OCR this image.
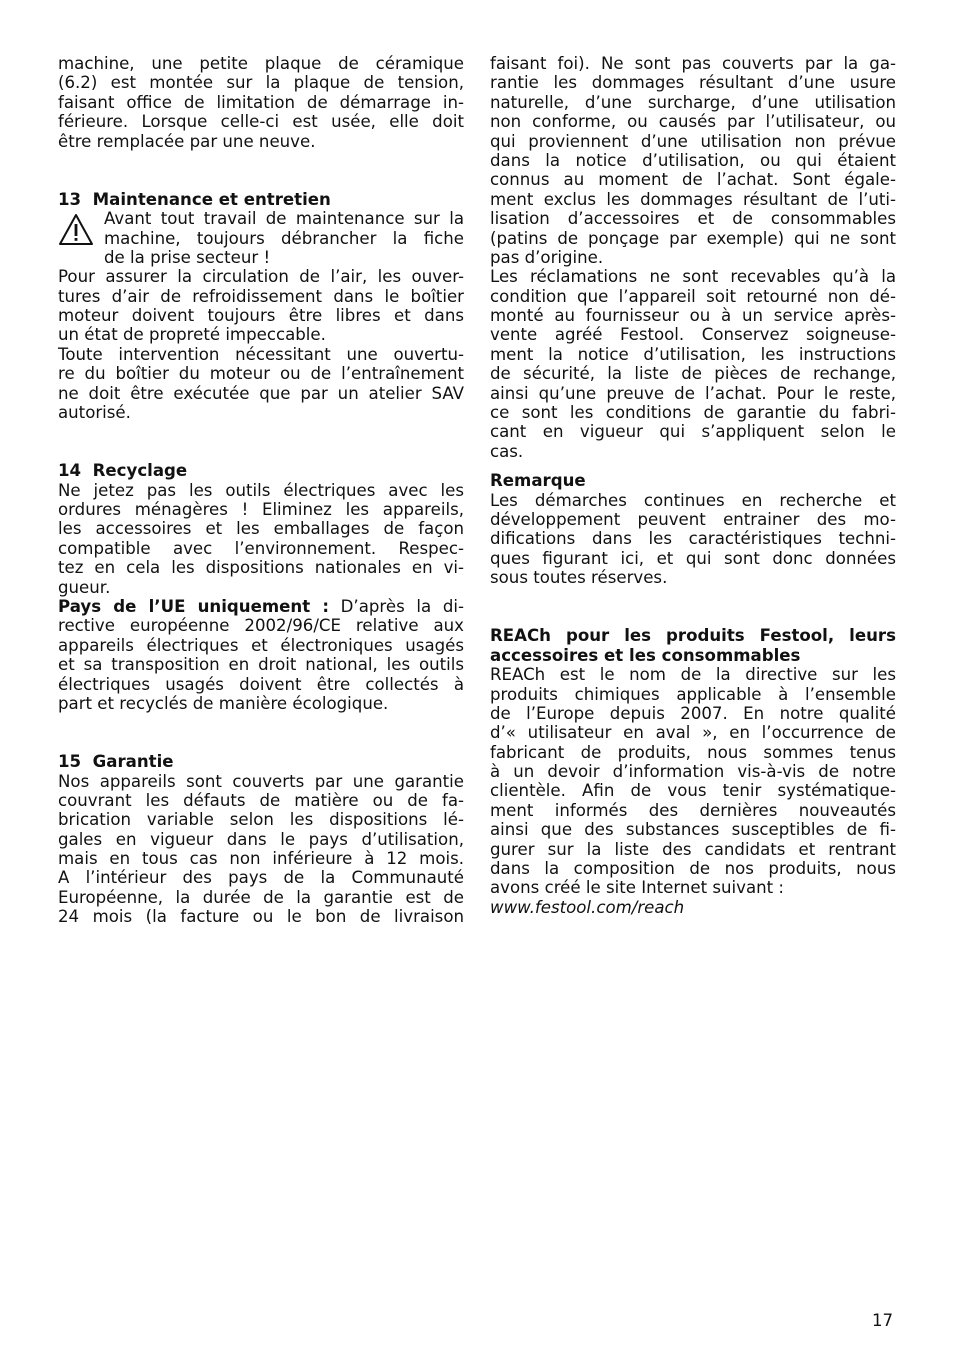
machine, une petite plaque de céramique
(6.2) est montée sur la plaque de tension,
faisant office de limitation de démarrage in-
férieure. Lorsque celle-ci est usée, elle doit
être remplacée par une neuve.
13  Maintenance et entretien
Avant tout travail de maintenance sur la
machine, toujours débrancher la fiche
de la prise secteur !
Pour assurer la circulation de l’air, les ouver-
tures d’air de refroidissement dans le boîtier
moteur doivent toujours être libres et dans
un état de propreté impeccable.
Toute intervention nécessitant une ouvertu-
re du boîtier du moteur ou de l’entraînement
ne doit être exécutée que par un atelier SAV
autorisé.
14  Recyclage
Ne jetez pas les outils électriques avec les
ordures ménagères ! Eliminez les appareils,
les accessoires et les emballages de façon
compatible avec l’environnement. Respec-
tez en cela les dispositions nationales en vi-
gueur.
Pays de l’UE uniquement : D’après la di-
rective européenne 2002/96/CE relative aux
appareils électriques et électroniques usagés
et sa transposition en droit national, les outils
électriques usagés doivent être collectés à
part et recyclés de manière écologique.
15  Garantie
Nos appareils sont couverts par une garantie
couvrant les défauts de matière ou de fa-
brication variable selon les dispositions lé-
gales en vigueur dans le pays d’utilisation,
mais en tous cas non inférieure à 12 mois.
A l’intérieur des pays de la Communauté
Européenne, la durée de la garantie est de
24 mois (la facture ou le bon de livraison
faisant foi). Ne sont pas couverts par la ga-
rantie les dommages résultant d’une usure
naturelle, d’une surcharge, d’une utilisation
non conforme, ou causés par l’utilisateur, ou
qui proviennent d’une utilisation non prévue
dans la notice d’utilisation, ou qui étaient
connus au moment de l’achat. Sont égale-
ment exclus les dommages résultant de l’uti-
lisation d’accessoires et de consommables
(patins de ponçage par exemple) qui ne sont
pas d’origine.
Les réclamations ne sont recevables qu’à la
condition que l’appareil soit retourné non dé-
monté au fournisseur ou à un service après-
vente agréé Festool. Conservez soigneuse-
ment la notice d’utilisation, les instructions
de sécurité, la liste de pièces de rechange,
ainsi qu’une preuve de l’achat. Pour le reste,
ce sont les conditions de garantie du fabri-
cant en vigueur qui s’appliquent selon le
cas.
Remarque
Les démarches continues en recherche et
développement peuvent entrainer des mo-
difications dans les caractéristiques techni-
ques figurant ici, et qui sont donc données
sous toutes réserves.
REACh pour les produits Festool, leurs
accessoires et les consommables
REACh est le nom de la directive sur les
produits chimiques applicable à l’ensemble
de l’Europe depuis 2007. En notre qualité
d’« utilisateur en aval », en l’occurrence de
fabricant de produits, nous sommes tenus
à un devoir d’information vis-à-vis de notre
clientèle. Afin de vous tenir systématique-
ment informés des dernières nouveautés
ainsi que des substances susceptibles de fi-
gurer sur la liste des candidats et rentrant
dans la composition de nos produits, nous
avons créé le site Internet suivant :
www.festool.com/reach
17
